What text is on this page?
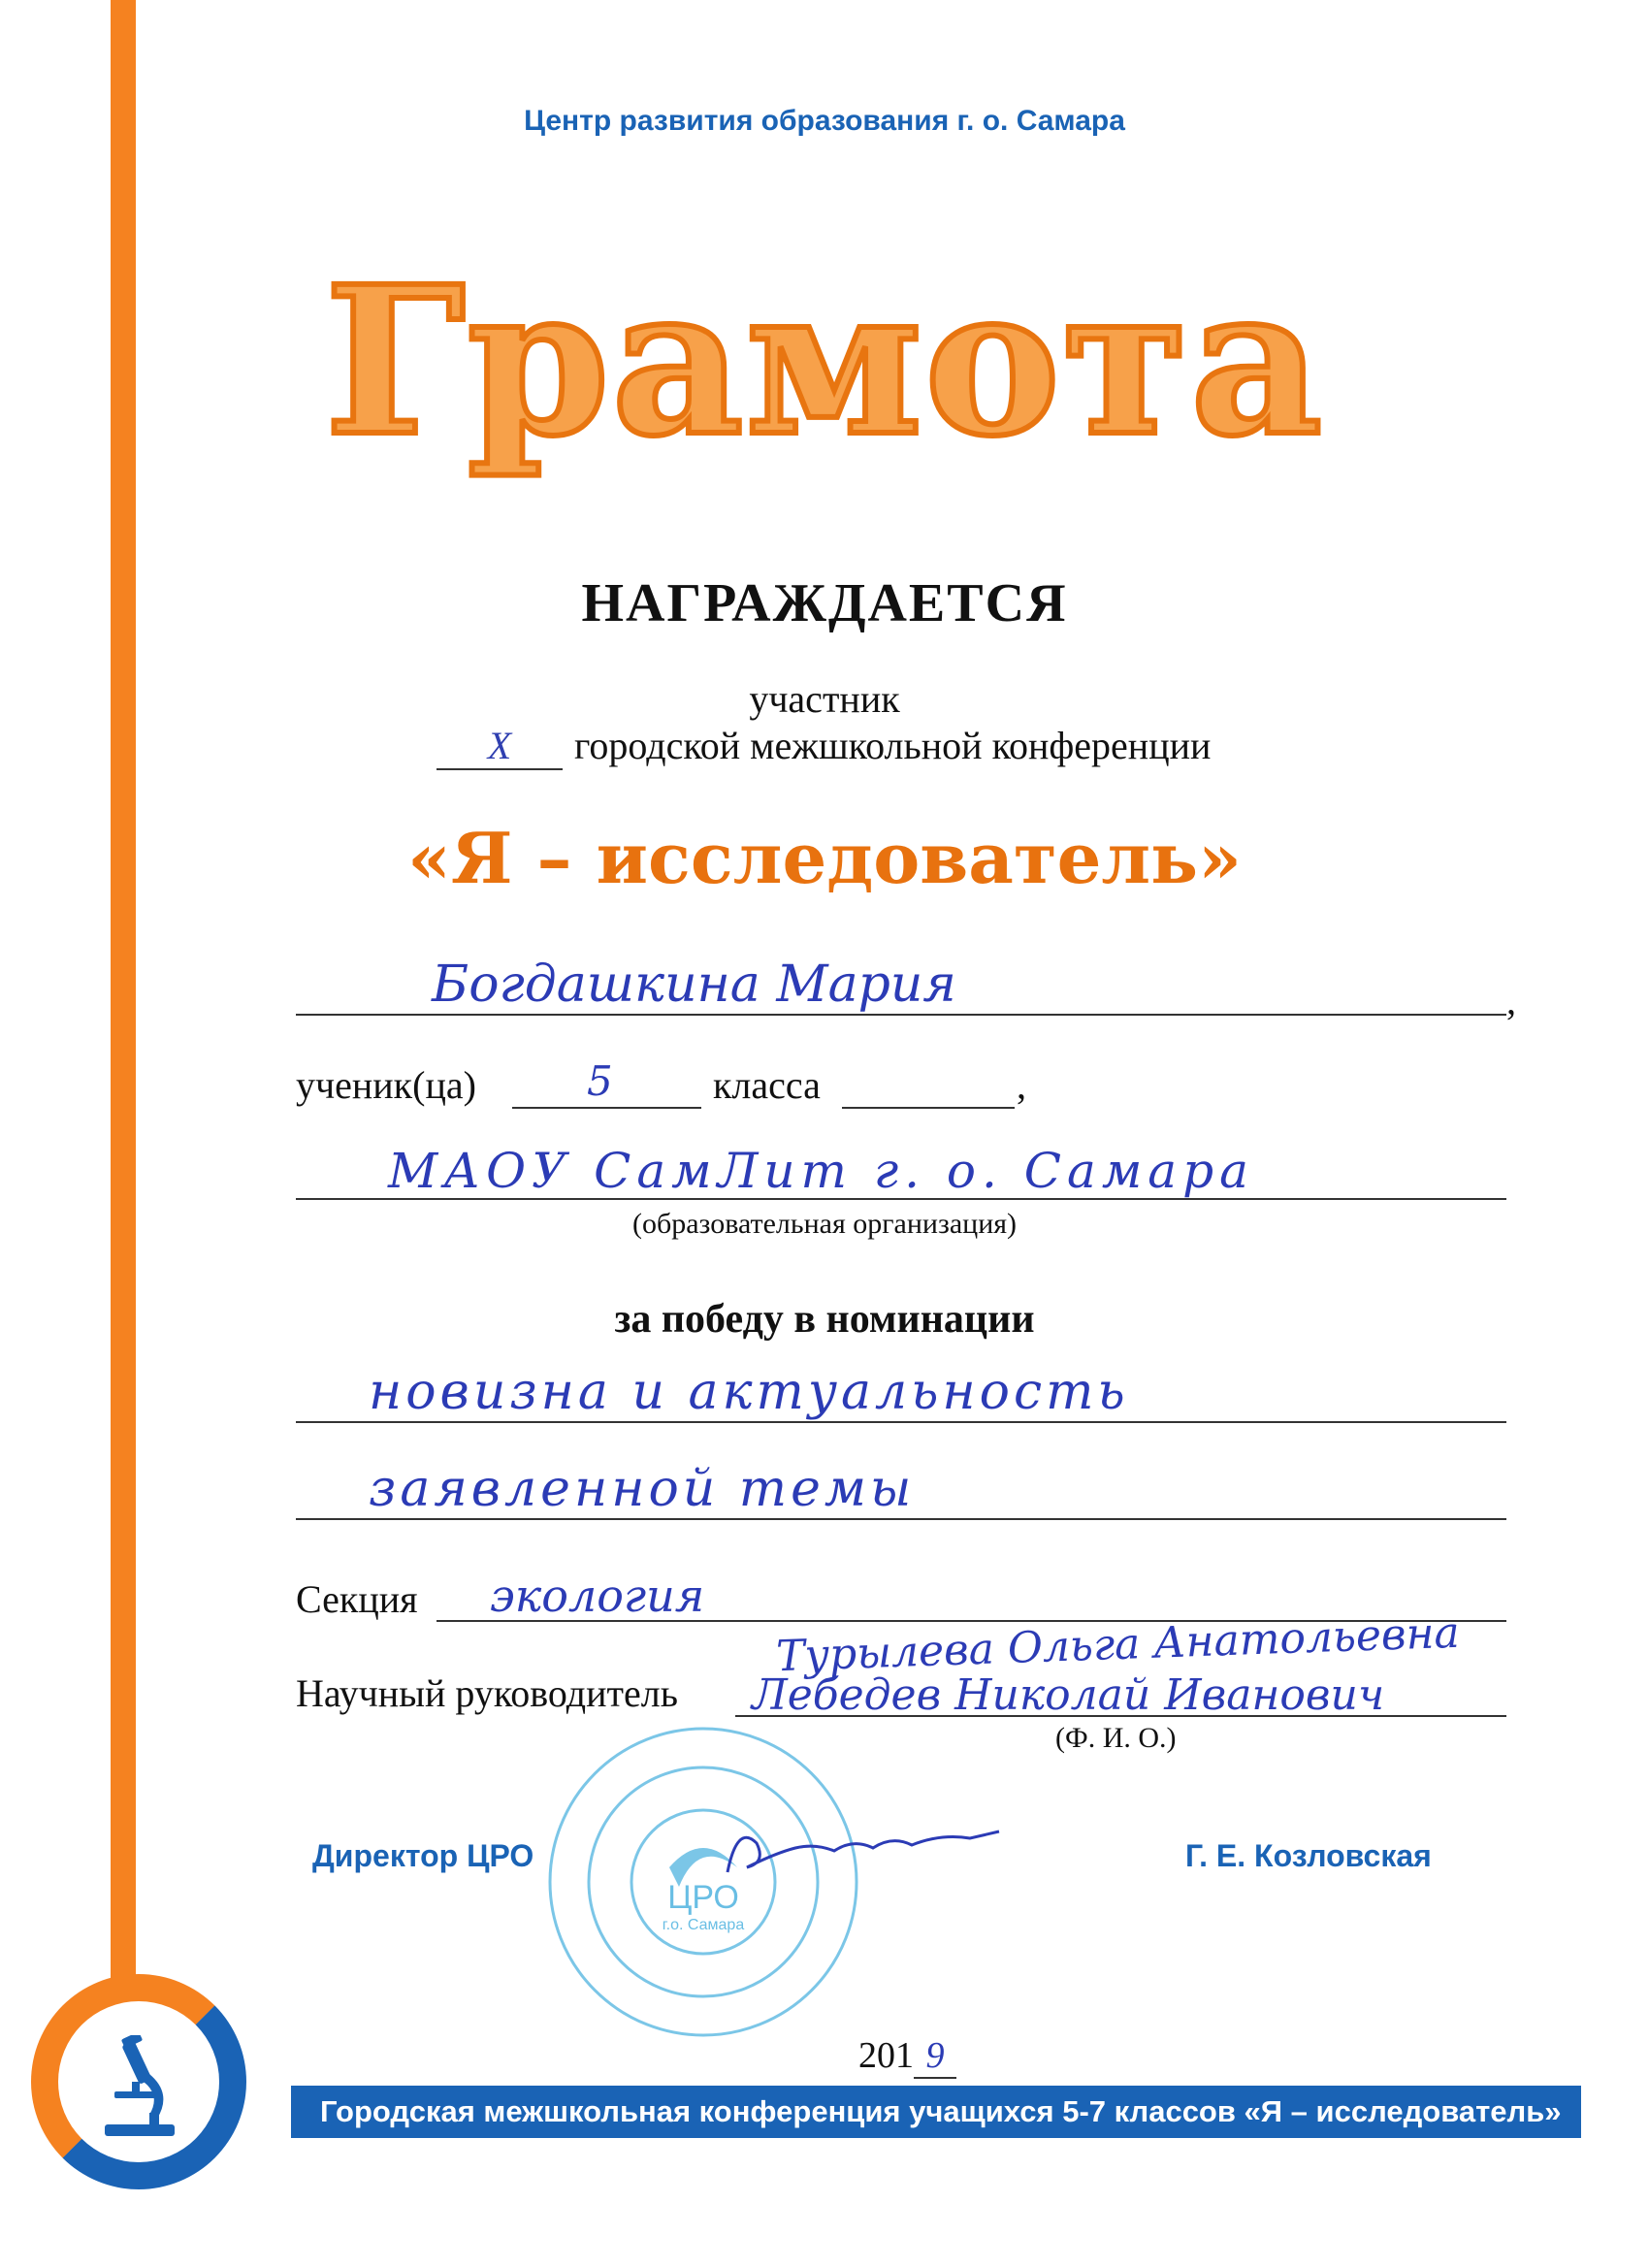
Городская межшкольная конференция учащихся 5-7 классов «Я – исследователь»
Центр развития образования г. о. Самара
Грамота
НАГРАЖДАЕТСЯ
участник
X городской межшкольной конференции
«Я – исследователь»
Богдашкина Мария	,
ученик(ца)	5	класса	,
МАОУ СамЛит г. о. Самара
(образовательная организация)
за победу в номинации
новизна и актуальность
заявленной темы
Секция экология
Научный руководитель
Турылева Ольга Анатольевна
Лебедев Николай Иванович
(Ф. И. О.)
ЦРО
г.о. Самара
Директор ЦРО	Г. Е. Козловская
201 9
